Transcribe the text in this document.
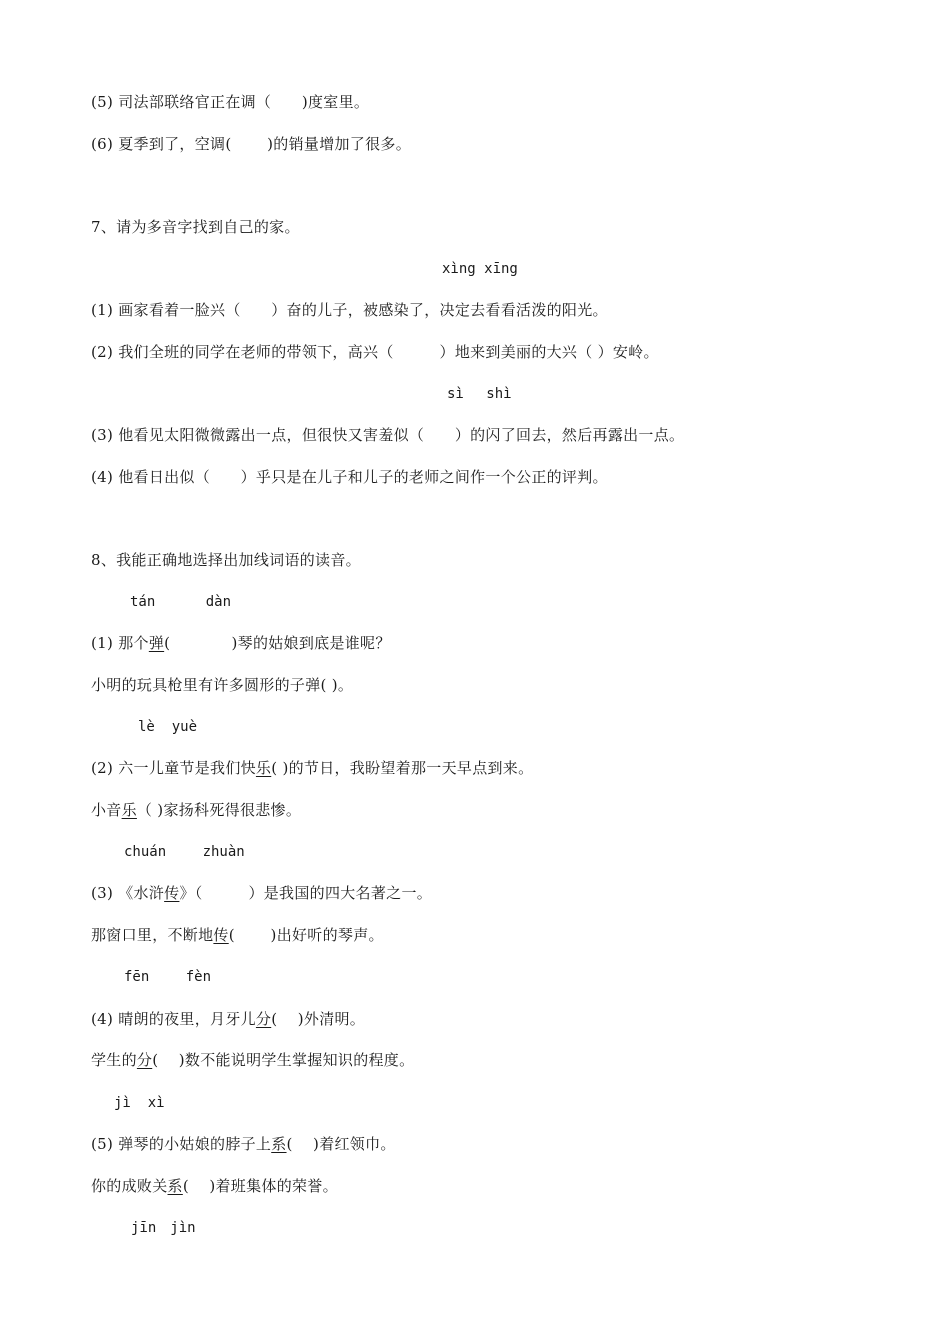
(5) 司法部联络官正在调（　　)度室里。
(6) 夏季到了，空调(　　 )的销量增加了很多。
7、请为多音字找到自己的家。
xìng xīng
(1) 画家看着一脸兴（　　）奋的儿子，被感染了，决定去看看活泼的阳光。
(2) 我们全班的同学在老师的带领下，高兴（　　　）地来到美丽的大兴（ ）安岭。
sì　 shì
(3) 他看见太阳微微露出一点，但很快又害羞似（　　）的闪了回去，然后再露出一点。
(4) 他看日出似（　　）乎只是在儿子和儿子的老师之间作一个公正的评判。
8、我能正确地选择出加线词语的读音。
tán　　　 dàn
(1) 那个弹(　　　　)琴的姑娘到底是谁呢？
小明的玩具枪里有许多圆形的子弹( )。
lè  yuè
(2) 六一儿童节是我们快乐( )的节日，我盼望着那一天早点到来。
小音乐（ )家扬科死得很悲惨。
chuán　　 zhuàn
(3) 《水浒传》（　　　）是我国的四大名著之一。
那窗口里，不断地传(　　 )出好听的琴声。
fēn　　 fèn
(4) 晴朗的夜里，月牙儿分(　 )外清明。
学生的分(　 )数不能说明学生掌握知识的程度。
jì  xì
(5) 弹琴的小姑娘的脖子上系(　 )着红领巾。
你的成败关系(　 )着班集体的荣誉。
jīn　jìn
